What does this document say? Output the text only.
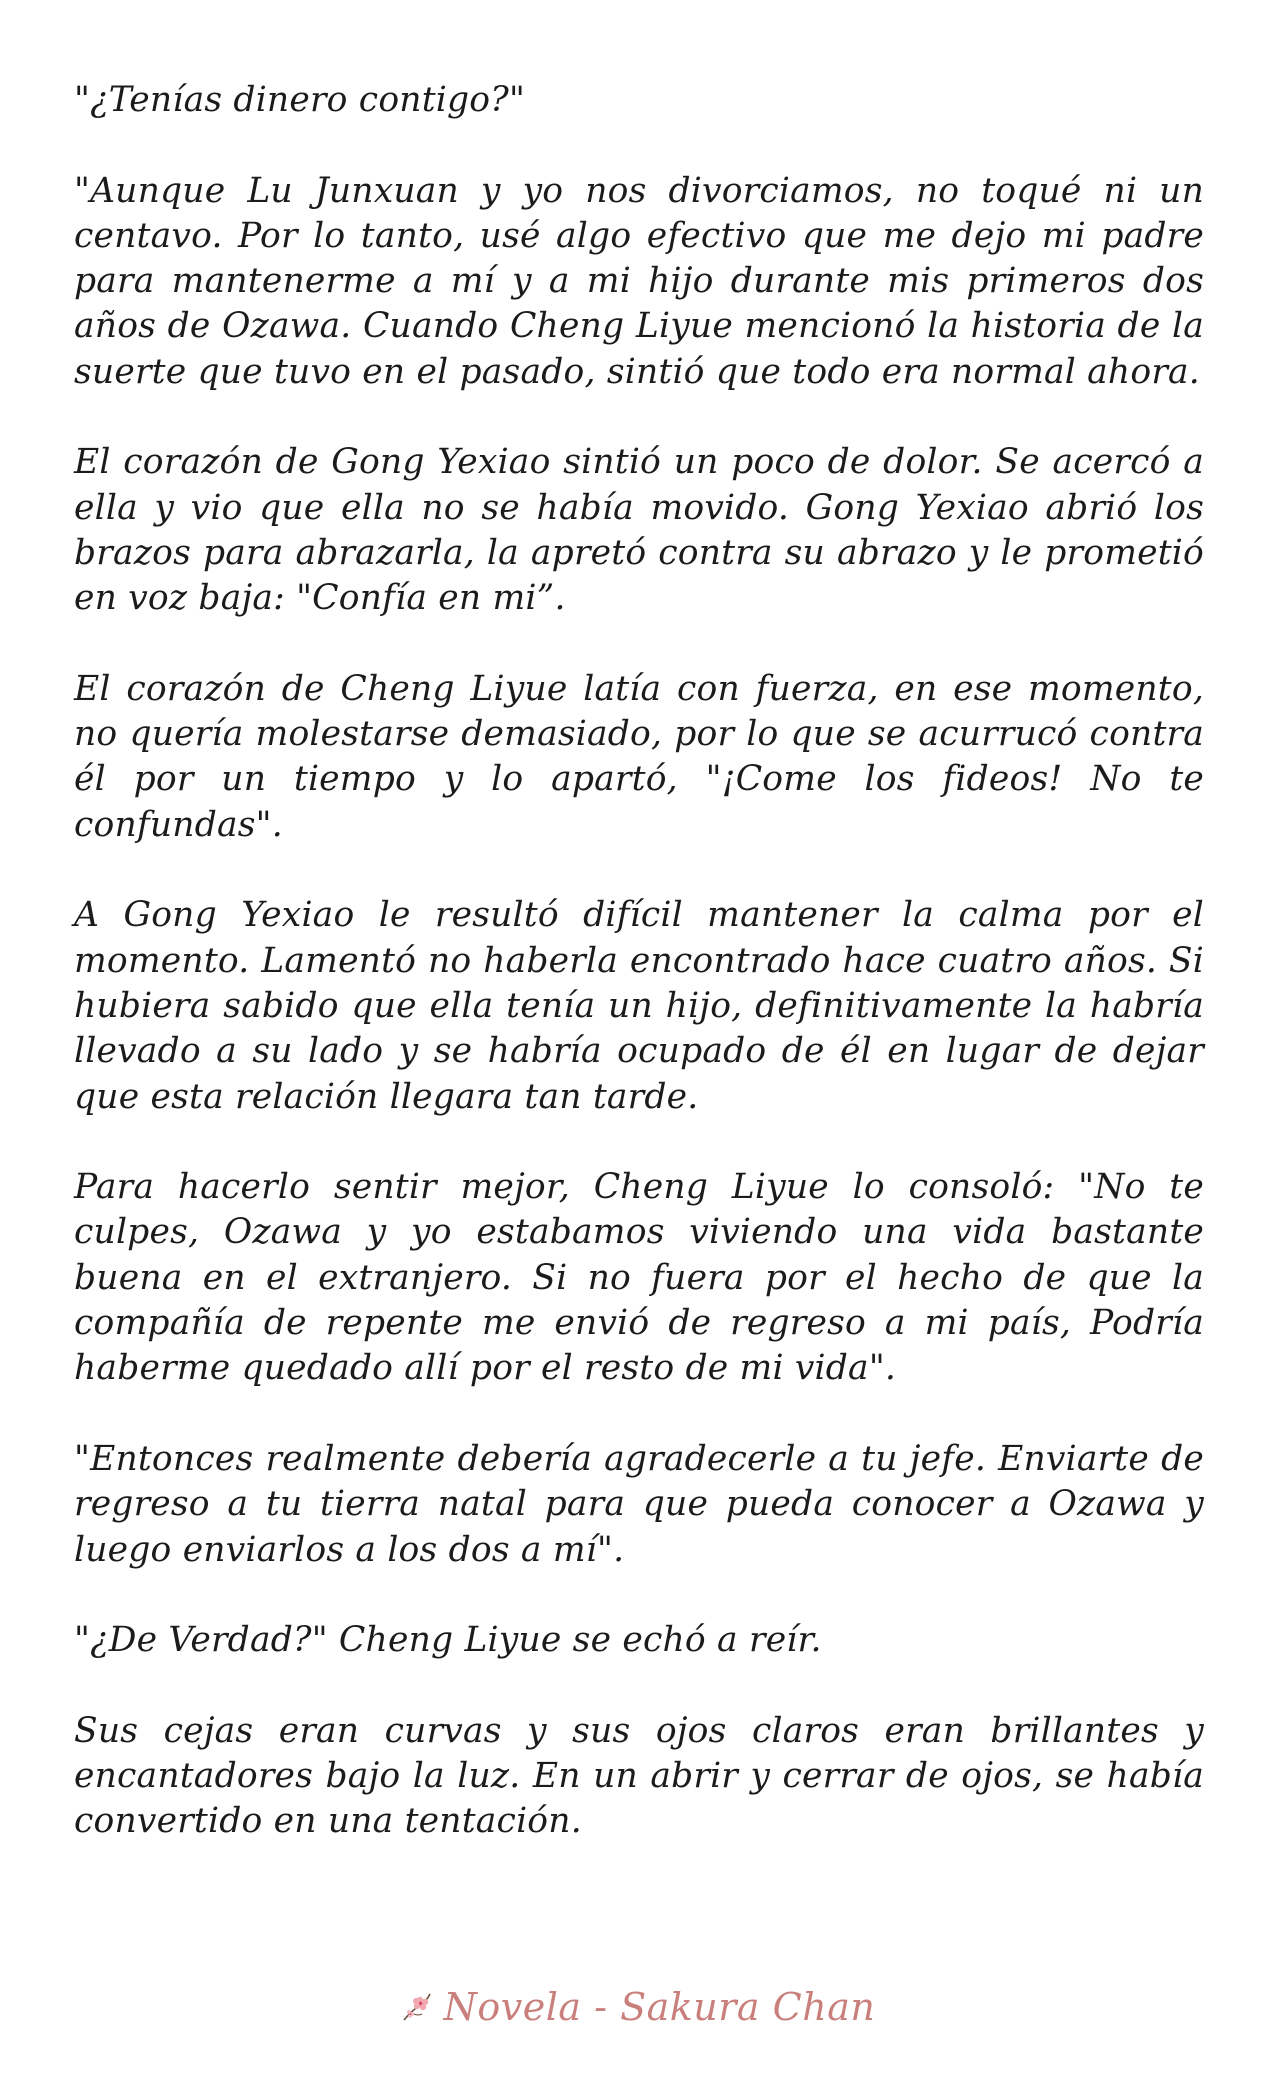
"¿Tenías dinero contigo?"

"Aunque Lu Junxuan y yo nos divorciamos, no toqué ni un centavo. Por lo tanto, usé algo efectivo que me dejo mi padre para mantenerme a mí y a mi hijo durante mis primeros dos años de Ozawa. Cuando Cheng Liyue mencionó la historia de la suerte que tuvo en el pasado, sintió que todo era normal ahora.

El corazón de Gong Yexiao sintió un poco de dolor. Se acercó a ella y vio que ella no se había movido. Gong Yexiao abrió los brazos para abrazarla, la apretó contra su abrazo y le prometió en voz baja: "Confía en mi”.

El corazón de Cheng Liyue latía con fuerza, en ese momento, no quería molestarse demasiado, por lo que se acurrucó contra él por un tiempo y lo apartó, "¡Come los fideos! No te confundas".

A Gong Yexiao le resultó difícil mantener la calma por el momento. Lamentó no haberla encontrado hace cuatro años. Si hubiera sabido que ella tenía un hijo, definitivamente la habría llevado a su lado y se habría ocupado de él en lugar de dejar que esta relación llegara tan tarde.

Para hacerlo sentir mejor, Cheng Liyue lo consoló: "No te culpes, Ozawa y yo estabamos viviendo una vida bastante buena en el extranjero. Si no fuera por el hecho de que la compañía de repente me envió de regreso a mi país, Podría haberme quedado allí por el resto de mi vida".

"Entonces realmente debería agradecerle a tu jefe. Enviarte de regreso a tu tierra natal para que pueda conocer a Ozawa y luego enviarlos a los dos a mí".

"¿De Verdad?" Cheng Liyue se echó a reír.

Sus cejas eran curvas y sus ojos claros eran brillantes y encantadores bajo la luz. En un abrir y cerrar de ojos, se había convertido en una tentación.

Novela - Sakura Chan
